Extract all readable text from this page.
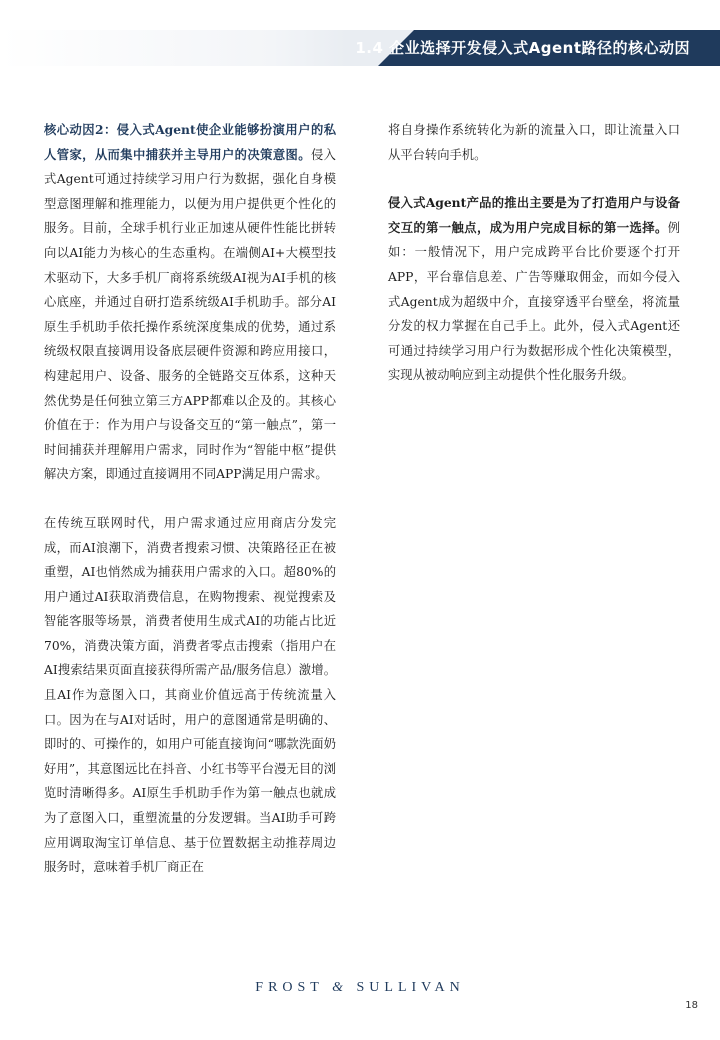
1.4 企业选择开发侵入式Agent路径的核心动因

核心动因2：侵入式Agent使企业能够扮演用户的私人管家，从而集中捕获并主导用户的决策意图。侵入式Agent可通过持续学习用户行为数据，强化自身模型意图理解和推理能力，以便为用户提供更个性化的服务。目前，全球手机行业正加速从硬件性能比拼转向以AI能力为核心的生态重构。在端侧AI+大模型技术驱动下，大多手机厂商将系统级AI视为AI手机的核心底座，并通过自研打造系统级AI手机助手。部分AI原生手机助手依托操作系统深度集成的优势，通过系统级权限直接调用设备底层硬件资源和跨应用接口，构建起用户、设备、服务的全链路交互体系，这种天然优势是任何独立第三方APP都难以企及的。其核心价值在于：作为用户与设备交互的“第一触点”，第一时间捕获并理解用户需求，同时作为“智能中枢”提供解决方案，即通过直接调用不同APP满足用户需求。

在传统互联网时代，用户需求通过应用商店分发完成，而AI浪潮下，消费者搜索习惯、决策路径正在被重塑，AI也悄然成为捕获用户需求的入口。超80%的用户通过AI获取消费信息，在购物搜索、视觉搜索及智能客服等场景，消费者使用生成式AI的功能占比近70%，消费决策方面，消费者零点击搜索（指用户在AI搜索结果页面直接获得所需产品/服务信息）激增。且AI作为意图入口，其商业价值远高于传统流量入口。因为在与AI对话时，用户的意图通常是明确的、即时的、可操作的，如用户可能直接询问“哪款洗面奶好用”，其意图远比在抖音、小红书等平台漫无目的浏览时清晰得多。AI原生手机助手作为第一触点也就成为了意图入口，重塑流量的分发逻辑。当AI助手可跨应用调取淘宝订单信息、基于位置数据主动推荐周边服务时，意味着手机厂商正在

将自身操作系统转化为新的流量入口，即让流量入口从平台转向手机。

侵入式Agent产品的推出主要是为了打造用户与设备交互的第一触点，成为用户完成目标的第一选择。例如：一般情况下，用户完成跨平台比价要逐个打开APP，平台靠信息差、广告等赚取佣金，而如今侵入式Agent成为超级中介，直接穿透平台壁垒，将流量分发的权力掌握在自己手上。此外，侵入式Agent还可通过持续学习用户行为数据形成个性化决策模型，实现从被动响应到主动提供个性化服务升级。

FROST & SULLIVAN
18
